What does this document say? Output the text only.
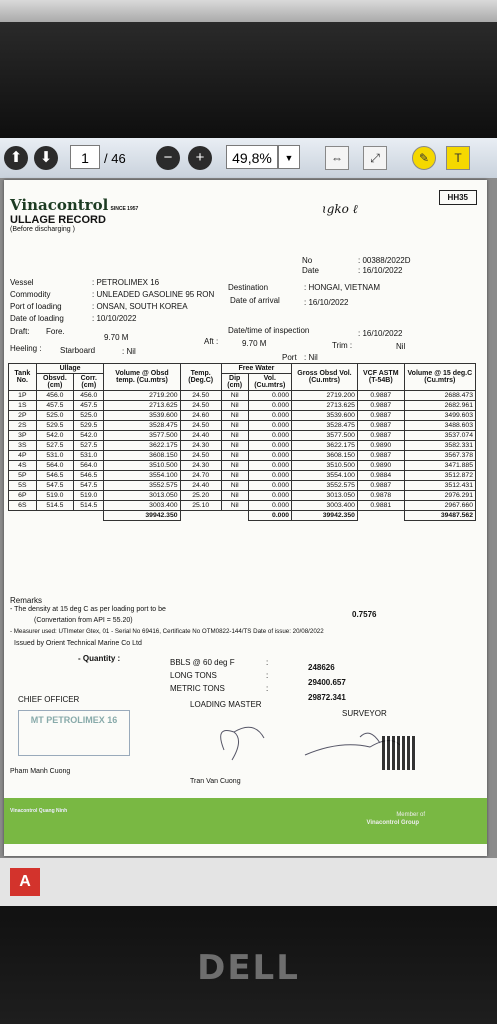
⬆	⬇	1	/ 46	−	+	49,8%	▼	⇔	⤢	✎	T
HH35
Vinacontrol SINCE 1957
ULLAGE RECORD
(Before discharging )
ɩgko ℓ
No	: 00388/2022D
Date	: 16/10/2022
Vessel	: PETROLIMEX 16
Destination	: HONGAI, VIETNAM
Commodity	: UNLEADED GASOLINE 95 RON
Date of arrival	: 16/10/2022
Port of loading	: ONSAN, SOUTH KOREA
Date of loading	: 10/10/2022
Date/time of inspection	: 16/10/2022
Draft: Fore.
9.70 M	Aft :	9.70 M	Trim :	Nil
Heeling : Starboard	: Nil
Port : Nil
Tank No.	Ullage		Volume @ Obsd temp. (Cu.mtrs)	Temp. (Deg.C)	Free Water		Gross Obsd Vol. (Cu.mtrs)	VCF ASTM (T-54B)	Volume @ 15 deg.C (Cu.mtrs)
	Obsvd. (cm)	Corr. (cm)			Dip (cm)	Vol. (Cu.mtrs)			
1P	456.0	456.0	2719.200	24.50	Nil	0.000	2719.200	0.9887	2688.473
1S	457.5	457.5	2713.625	24.50	Nil	0.000	2713.625	0.9887	2682.961
2P	525.0	525.0	3539.600	24.60	Nil	0.000	3539.600	0.9887	3499.603
2S	529.5	529.5	3528.475	24.50	Nil	0.000	3528.475	0.9887	3488.603
3P	542.0	542.0	3577.500	24.40	Nil	0.000	3577.500	0.9887	3537.074
3S	527.5	527.5	3622.175	24.30	Nil	0.000	3622.175	0.9890	3582.331
4P	531.0	531.0	3608.150	24.50	Nil	0.000	3608.150	0.9887	3567.378
4S	564.0	564.0	3510.500	24.30	Nil	0.000	3510.500	0.9890	3471.885
5P	546.5	546.5	3554.100	24.70	Nil	0.000	3554.100	0.9884	3512.872
5S	547.5	547.5	3552.575	24.40	Nil	0.000	3552.575	0.9887	3512.431
6P	519.0	519.0	3013.050	25.20	Nil	0.000	3013.050	0.9878	2976.291
6S	514.5	514.5	3003.400	25.10	Nil	0.000	3003.400	0.9881	2967.660
			39942.350			0.000	39942.350		39487.562
Remarks
- The density at 15 deg C as per loading port to be
0.7576
(Convertation from API = 55.20)
- Measurer used: UTImeter Gtex, 01 - Serial No 69416, Certificate No OTM0822-144/TS Date of issue: 20/08/2022
Issued by Orient Technical Marine Co Ltd
- Quantity :	BBLS @ 60 deg F	:
248626
LONG TONS	:
29400.657
METRIC TONS	:
29872.341
CHIEF OFFICER
LOADING MASTER
SURVEYOR
MT PETROLIMEX 16
Pham Manh Cuong
Tran Van Cuong
Vinacontrol Quang Ninh
Member of
Vinacontrol Group
A
DELL
